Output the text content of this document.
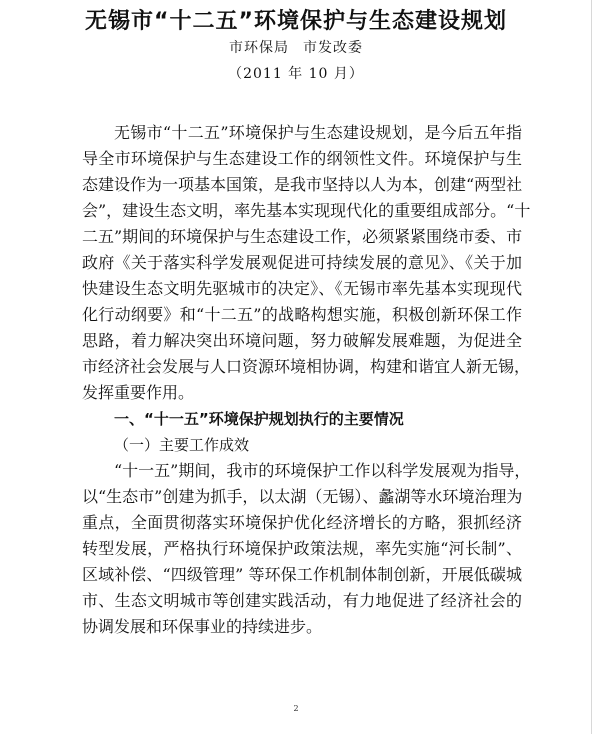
无锡市“十二五”环境保护与生态建设规划
市环保局 市发改委
（2011 年 10 月）
无锡市“十二五”环境保护与生态建设规划，是今后五年指
导全市环境保护与生态建设工作的纲领性文件。环境保护与生
态建设作为一项基本国策，是我市坚持以人为本，创建“两型社
会”，建设生态文明，率先基本实现现代化的重要组成部分。“十
二五”期间的环境保护与生态建设工作，必须紧紧围绕市委、市
政府《关于落实科学发展观促进可持续发展的意见》、《关于加
快建设生态文明先驱城市的决定》、《无锡市率先基本实现现代
化行动纲要》和“十二五”的战略构想实施，积极创新环保工作
思路，着力解决突出环境问题，努力破解发展难题，为促进全
市经济社会发展与人口资源环境相协调，构建和谐宜人新无锡，
发挥重要作用。
一、“十一五”环境保护规划执行的主要情况
（一）主要工作成效
“十一五”期间，我市的环境保护工作以科学发展观为指导，
以“生态市”创建为抓手，以太湖（无锡）、蠡湖等水环境治理为
重点，全面贯彻落实环境保护优化经济增长的方略，狠抓经济
转型发展，严格执行环境保护政策法规，率先实施“河长制”、
区域补偿、“四级管理” 等环保工作机制体制创新，开展低碳城
市、生态文明城市等创建实践活动，有力地促进了经济社会的
协调发展和环保事业的持续进步。
2
